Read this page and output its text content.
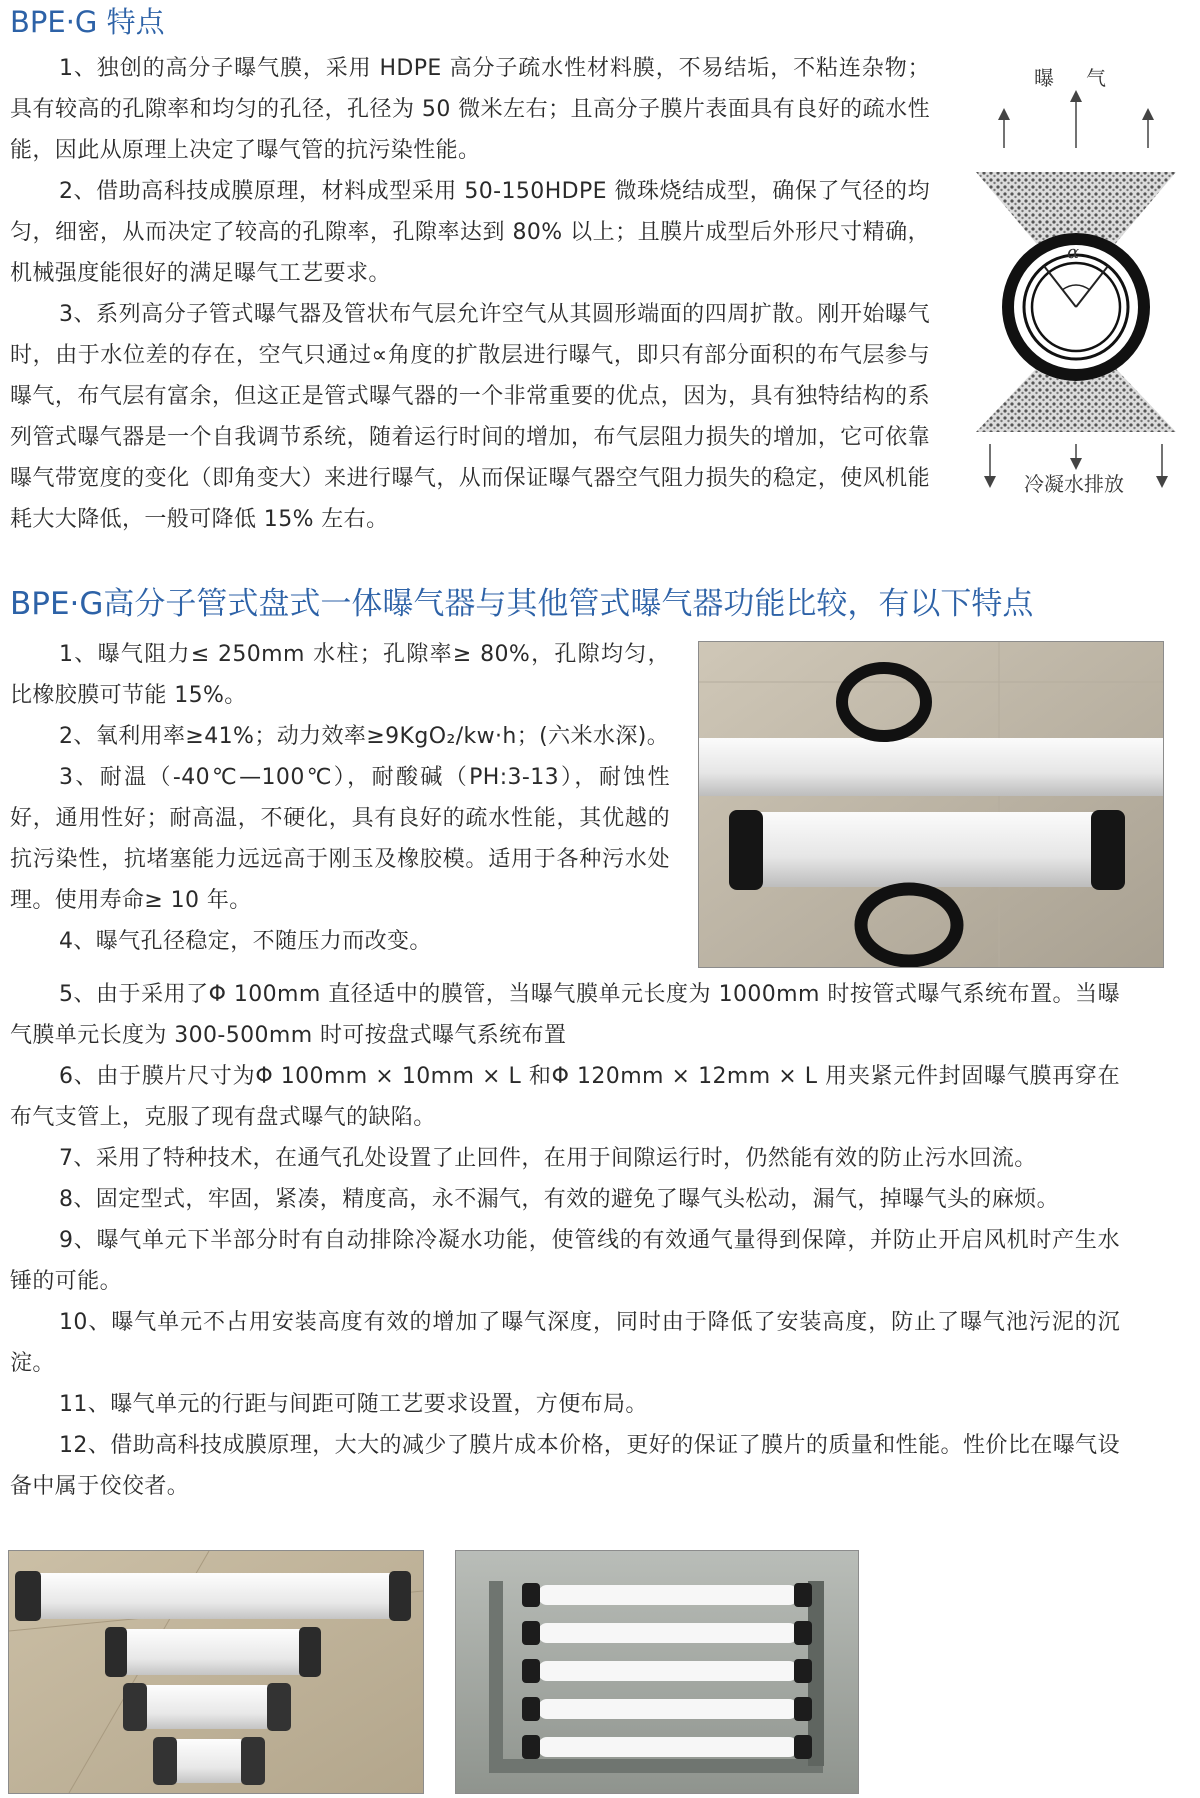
BPE·G 特点

1、独创的高分子曝气膜，采用 HDPE 高分子疏水性材料膜，不易结垢，不粘连杂物；具有较高的孔隙率和均匀的孔径，孔径为 50 微米左右；且高分子膜片表面具有良好的疏水性能，因此从原理上决定了曝气管的抗污染性能。

2、借助高科技成膜原理，材料成型采用 50-150HDPE 微珠烧结成型，确保了气径的均匀，细密，从而决定了较高的孔隙率，孔隙率达到 80% 以上；且膜片成型后外形尺寸精确，机械强度能很好的满足曝气工艺要求。

3、系列高分子管式曝气器及管状布气层允许空气从其圆形端面的四周扩散。刚开始曝气时，由于水位差的存在，空气只通过∝角度的扩散层进行曝气，即只有部分面积的布气层参与曝气，布气层有富余，但这正是管式曝气器的一个非常重要的优点，因为，具有独特结构的系列管式曝气器是一个自我调节系统，随着运行时间的增加，布气层阻力损失的增加，它可依靠曝气带宽度的变化（即角变大）来进行曝气，从而保证曝气器空气阻力损失的稳定，使风机能耗大大降低，一般可降低 15% 左右。

曝　气
α
冷凝水排放
BPE·G高分子管式盘式一体曝气器与其他管式曝气器功能比较，有以下特点

1、曝气阻力≤ 250mm 水柱；孔隙率≥ 80%，孔隙均匀，比橡胶膜可节能 15%。

2、氧利用率≥41%；动力效率≥9KgO₂/kw·h；(六米水深)。

3、耐温（-40℃—100℃），耐酸碱（PH:3-13），耐蚀性好，通用性好；耐高温，不硬化，具有良好的疏水性能，其优越的抗污染性，抗堵塞能力远远高于刚玉及橡胶模。适用于各种污水处理。使用寿命≥ 10 年。

4、曝气孔径稳定，不随压力而改变。

5、由于采用了Φ 100mm 直径适中的膜管，当曝气膜单元长度为 1000mm 时按管式曝气系统布置。当曝气膜单元长度为 300-500mm 时可按盘式曝气系统布置

6、由于膜片尺寸为Φ 100mm × 10mm × L 和Φ 120mm × 12mm × L 用夹紧元件封固曝气膜再穿在布气支管上，克服了现有盘式曝气的缺陷。

7、采用了特种技术，在通气孔处设置了止回件，在用于间隙运行时，仍然能有效的防止污水回流。

8、固定型式，牢固，紧凑，精度高，永不漏气，有效的避免了曝气头松动，漏气，掉曝气头的麻烦。

9、曝气单元下半部分时有自动排除冷凝水功能，使管线的有效通气量得到保障，并防止开启风机时产生水锤的可能。

10、曝气单元不占用安装高度有效的增加了曝气深度，同时由于降低了安装高度，防止了曝气池污泥的沉淀。

11、曝气单元的行距与间距可随工艺要求设置，方便布局。

12、借助高科技成膜原理，大大的减少了膜片成本价格，更好的保证了膜片的质量和性能。性价比在曝气设备中属于佼佼者。
